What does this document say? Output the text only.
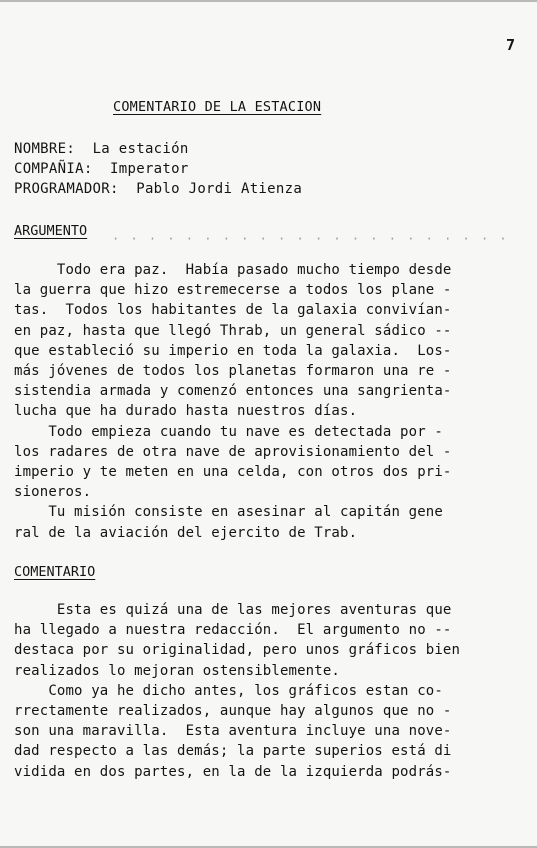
7
COMENTARIO DE LA ESTACION
NOMBRE: La estación
COMPAÑIA: Imperator
PROGRAMADOR: Pablo Jordi Atienza
ARGUMENTO · · · · · · · · · · · · · · · · · · · · · ·
Todo era paz.  Había pasado mucho tiempo desde
la guerra que hizo estremecerse a todos los plane -
tas.  Todos los habitantes de la galaxia convivían-
en paz, hasta que llegó Thrab, un general sádico --
que estableció su imperio en toda la galaxia.  Los-
más jóvenes de todos los planetas formaron una re -
sistendia armada y comenzó entonces una sangrienta-
lucha que ha durado hasta nuestros días.
Todo empieza cuando tu nave es detectada por -
los radares de otra nave de aprovisionamiento del -
imperio y te meten en una celda, con otros dos pri-
sioneros.
Tu misión consiste en asesinar al capitán gene
ral de la aviación del ejercito de Trab.
COMENTARIO
Esta es quizá una de las mejores aventuras que
ha llegado a nuestra redacción.  El argumento no --
destaca por su originalidad, pero unos gráficos bien
realizados lo mejoran ostensiblemente.
Como ya he dicho antes, los gráficos estan co-
rrectamente realizados, aunque hay algunos que no -
son una maravilla.  Esta aventura incluye una nove-
dad respecto a las demás; la parte superios está di
vidida en dos partes, en la de la izquierda podrás-
